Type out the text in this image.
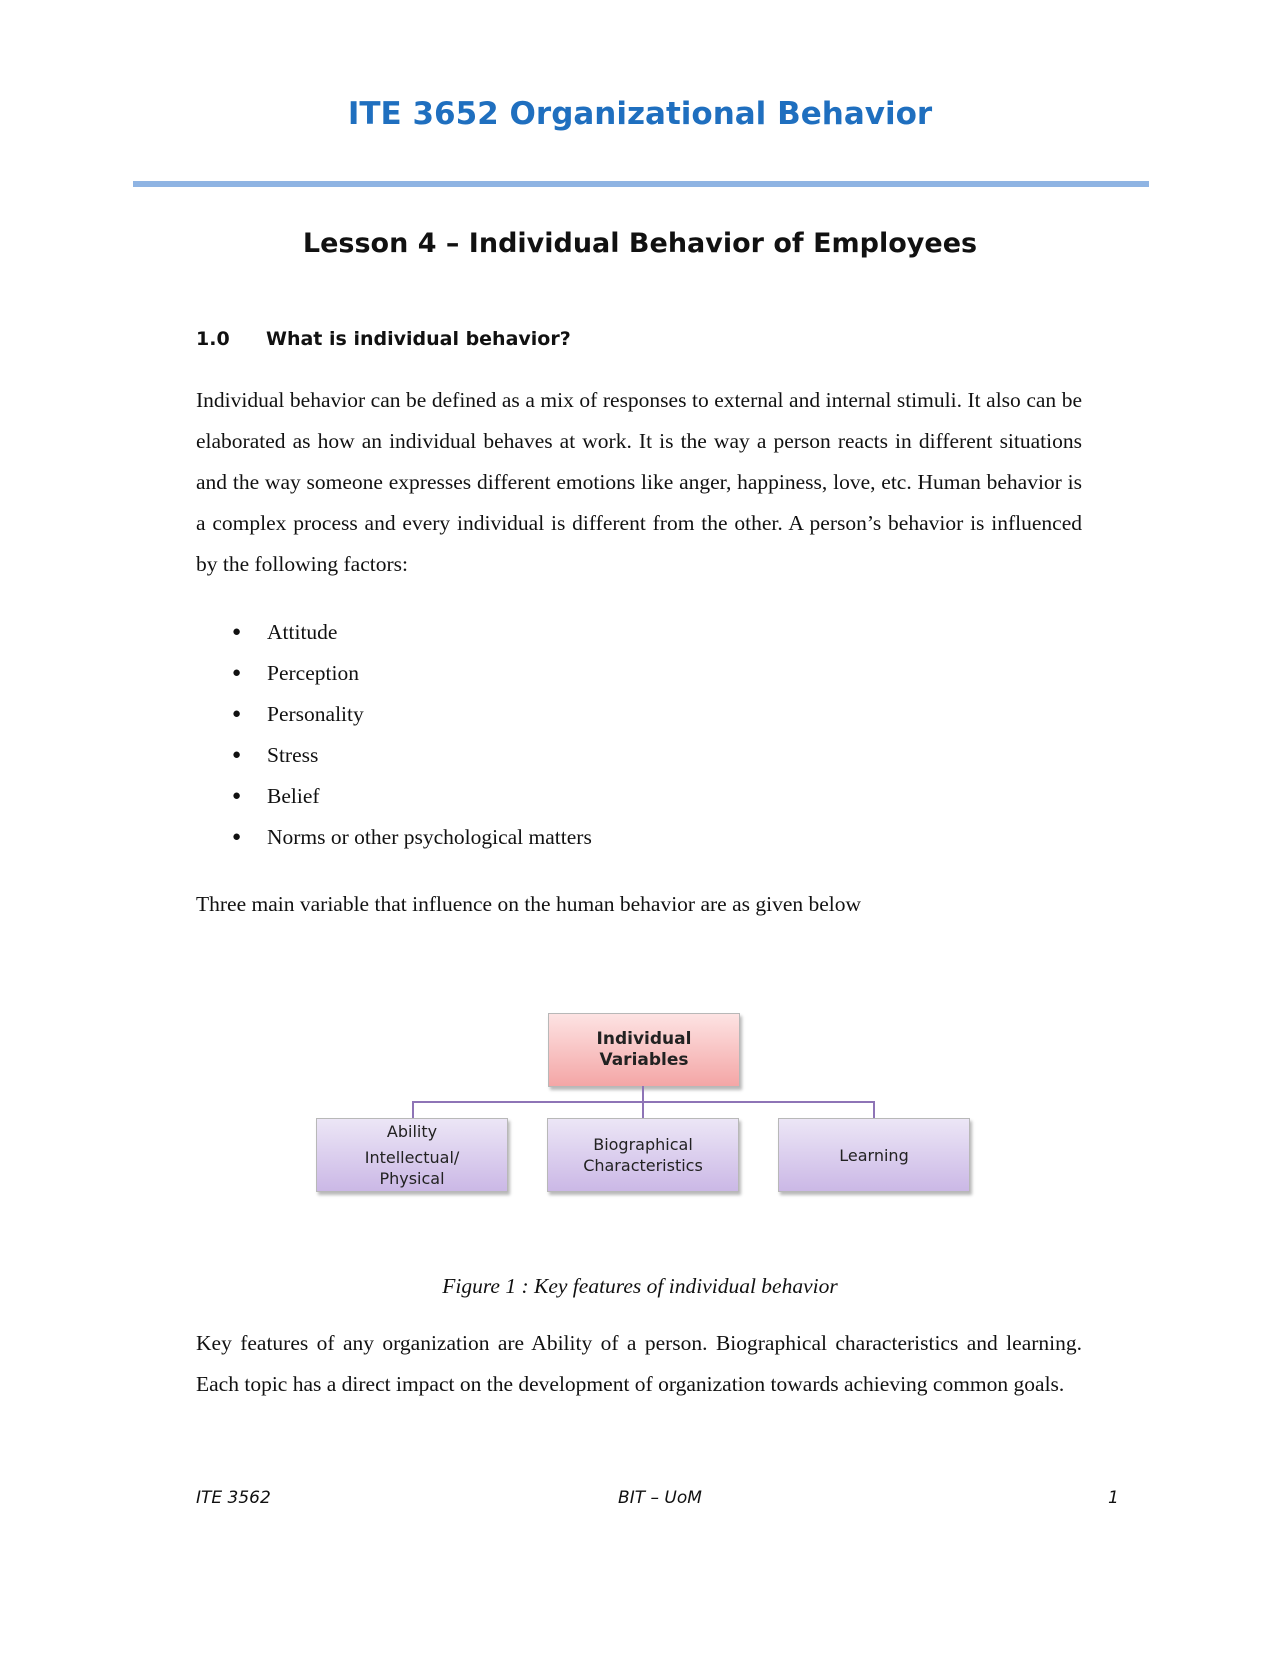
ITE 3652 Organizational Behavior
Lesson 4 – Individual Behavior of Employees
1.0 What is individual behavior?

Individual behavior can be defined as a mix of responses to external and internal stimuli. It also can be elaborated as how an individual behaves at work. It is the way a person reacts in different situations and the way someone expresses different emotions like anger, happiness, love, etc. Human behavior is a complex process and every individual is different from the other. A person’s behavior is influenced by the following factors:

● Attitude
● Perception
● Personality
● Stress
● Belief
● Norms or other psychological matters

Three main variable that influence on the human behavior are as given below

Individual
Variables
Ability
Intellectual/
Physical
Biographical
Characteristics
Learning

Figure 1 : Key features of individual behavior

Key features of any organization are Ability of a person. Biographical characteristics and learning. Each topic has a direct impact on the development of organization towards achieving common goals.

ITE 3562	BIT – UoM	1
